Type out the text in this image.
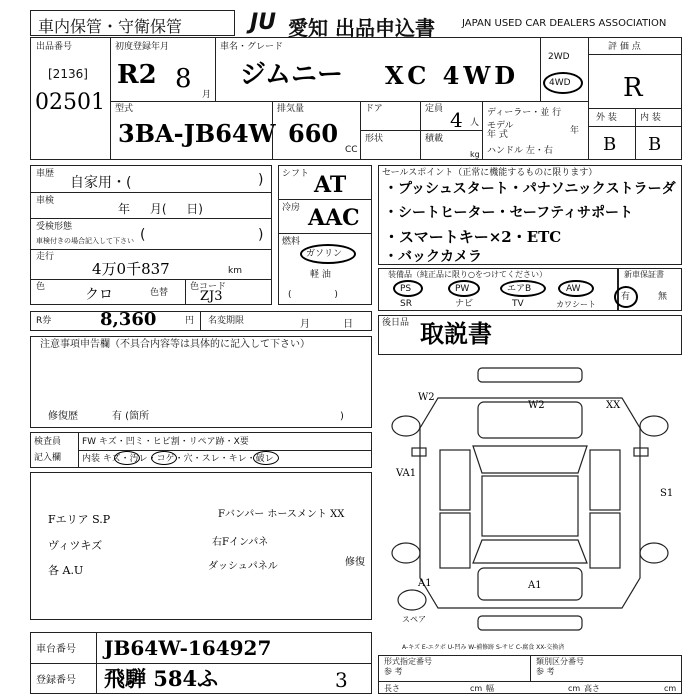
車内保管・守衛保管	JU 愛知 出品申込書	JAPAN USED CAR DEALERS ASSOCIATION
出品番号
[2136]
02501
初度登録年月
R2 8
月
車名・グレード
ジムニー XC 4WD
2WD
4WD
評 価 点
R
外 装	内 装
B B
型式
3BA-JB64W
排気量
660
CC
ドア	定員 4 人
形状	積載
kg
ディーラー・並 行
モデル
年 式	年
ハンドル 左・右
車歴
自家用・(	)
車検
年 月( 日)
受検形態
車検付きの場合記入して下さい (	)
走行
4万0千837	km
色	クロ	色替
色コード
ZJ3
R券	8,360	円 名変期限	月 日
シフト AT
冷房 AAC
燃料
ガソリン
軽 油
( )
セールスポイント（正常に機能するものに限ります）
・プッシュスタート・パナソニックストラーダ
・シートヒーター・セーフティサポート
・スマートキー×2・ETC
・バックカメラ
装備品（純正品に限り○をつけてください）
PS	PW	エアB	AW
SR	ナビ	TV	カワシート
新車保証書
有	無
後日品 取説書
注意事項申告欄（不具合内容等は具体的に記入して下さい）
修復歴	有 (箇所	)
検査員
記入欄
FW キズ・凹ミ・ヒビ割・リペア跡・X要
内装 キズ・汚レ・コゲ・穴・スレ・キレ・破レ
Fエリア S.P	Fバンパー ホースメント XX
ヴィツキズ	右Fインパネ
修復
各 A.U	ダッシュパネル
W2
W2	XX
VA1
S1
A1	A1
スペア
A-キズ E-エクボ U-凹み W-補修跡 S-サビ C-腐食 XX-交換済
車台番号 JB64W-164927
登録番号 飛騨 584ふ	3
形式指定番号
参 考
類別区分番号
参 考
長さ	cm 幅	cm 高さ	cm
